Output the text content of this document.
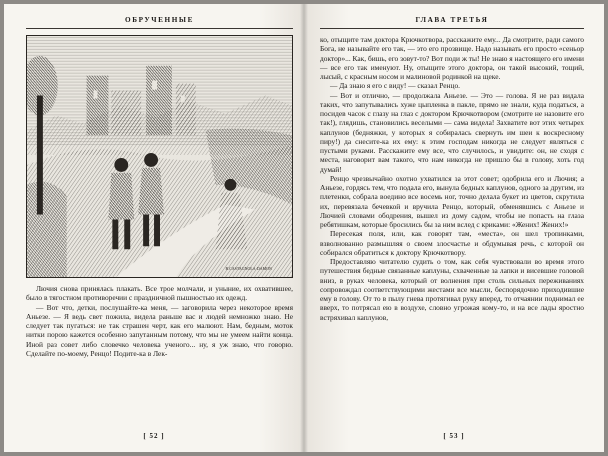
ОБРУЧЕННЫЕ
R.CASTAGNOLA·DAMON

Лючия снова принялась плакать. Все трое молчали, и уныние, их охватившее, было в тягостном противоречии с праздничной пышностью их одежд.

— Вот что, детки, послушайте-ка меня, — заговорила через некоторое время Аньезе. — Я ведь свет пожила, видела раньше вас и людей немножко знаю. Не следует так пугаться: не так страшен черт, как его малюют. Нам, бедным, моток нитки порою кажется особенно запутанным потому, что мы не умеем найти конца. Иной раз совет либо словечко человека ученого... ну, я уж знаю, что говорю. Сделайте по-моему, Ренцо! Подите-ка в Лек-

[ 52 ]
ГЛАВА ТРЕТЬЯ

ко, отыщите там доктора Крючкотвора, расскажите ему... Да смотрите, ради самого Бога, не называйте его так, — это его прозвище. Надо называть его просто «сеньор доктор»... Как, бишь, его зовут-то? Вот поди ж ты! Не знаю я настоящего его имени — все его так именуют. Ну, отыщите этого доктора, он такой высокий, тощий, лысый, с красным носом и малиновой родинкой на щеке.

— Да знаю я его с виду! — сказал Ренцо.

— Вот и отлично, — продолжала Аньезе. — Это — голова. Я не раз видала таких, что запутывались хуже цыпленка в пакле, прямо не знали, куда податься, а посидев часок с глазу на глаз с доктором Крючкотвором (смотрите не назовите его так!), глядишь, становились веселыми — сама видела! Захватите вот этих четырех каплунов (бедняжки, у которых я собиралась свернуть им шеи к воскресному пиру!) да снесите-ка их ему: к этим господам никогда не следует являться с пустыми руками. Расскажите ему все, что случилось, и увидите: он, не сходя с места, наговорит вам такого, что нам никогда не пришло бы в голову, хоть год думай!

Ренцо чрезвычайно охотно ухватился за этот совет; одобрила его и Лючия; а Аньезе, гордясь тем, что подала его, вынула бедных каплунов, одного за другим, из плетенки, собрала воедино все восемь ног, точно делала букет из цветов, скрутила их, перевязала бечевкой и вручила Ренцо, который, обменявшись с Аньезе и Лючией словами ободрения, вышел из дому садом, чтобы не попасть на глаза ребятишкам, которые бросились бы за ним вслед с криками: «Жених! Жених!»

Пересекая поля, или, как говорят там, «места», он шел тропинками, взволнованно размышляя о своем злосчастье и обдумывая речь, с которой он собирался обратиться к доктору Крючкотвору.

Предоставляю читателю судить о том, как себя чувствовали во время этого путешествия бедные связанные каплуны, схваченные за лапки и висевшие головой вниз, в руках человека, который от волнения при столь сильных переживаниях сопровождал соответствующими жестами все мысли, беспорядочно приходившие ему в голову. От то в пылу гнева протягивал руку вперед, то отчаянии поднимал ее вверх, то потрясал ею в воздухе, словно угрожая кому-то, и на все лады яростно встряхивал каплунов,

[ 53 ]
